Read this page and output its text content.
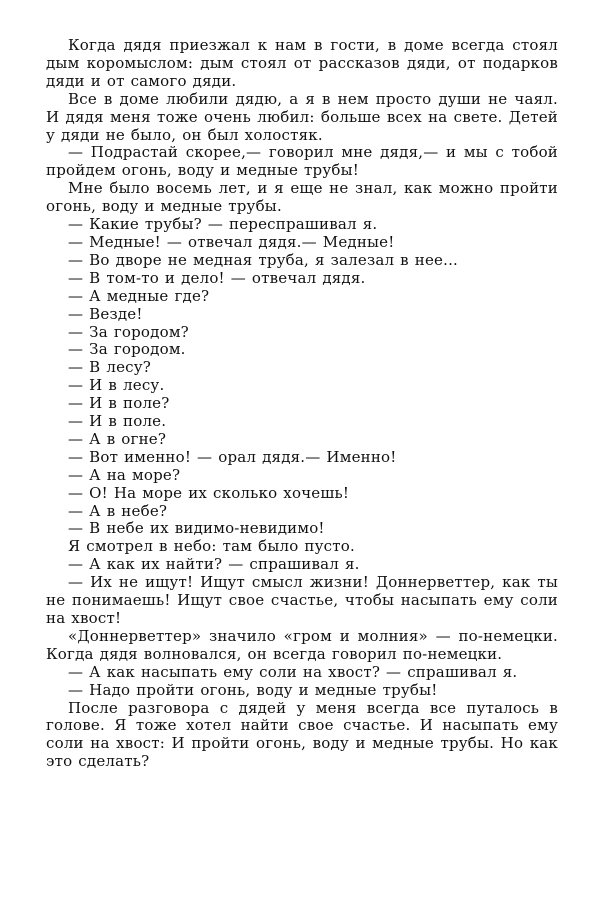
Когда дядя приезжал к нам в гости, в доме всегда стоял дым коромыслом: дым стоял от рассказов дяди, от подарков дяди и от самого дяди.

Все в доме любили дядю, а я в нем просто души не чаял. И дядя меня тоже очень любил: больше всех на свете. Детей у дяди не было, он был холостяк.

— Подрастай скорее,— говорил мне дядя,— и мы с тобой пройдем огонь, воду и медные трубы!

Мне было восемь лет, и я еще не знал, как можно пройти огонь, воду и медные трубы.

— Какие трубы? — переспрашивал я.

— Медные! — отвечал дядя.— Медные!

— Во дворе не медная труба, я залезал в нее...

— В том-то и дело! — отвечал дядя.

— А медные где?

— Везде!

— За городом?

— За городом.

— В лесу?

— И в лесу.

— И в поле?

— И в поле.

— А в огне?

— Вот именно! — орал дядя.— Именно!

— А на море?

— О! На море их сколько хочешь!

— А в небе?

— В небе их видимо-невидимо!

Я смотрел в небо: там было пусто.

— А как их найти? — спрашивал я.

— Их не ищут! Ищут смысл жизни! Доннерветтер, как ты не понимаешь! Ищут свое счастье, чтобы насыпать ему соли на хвост!

«Доннерветтер» значило «гром и молния» — по-немецки. Когда дядя волновался, он всегда говорил по-немецки.

— А как насыпать ему соли на хвост? — спрашивал я.

— Надо пройти огонь, воду и медные трубы!

После разговора с дядей у меня всегда все путалось в голове. Я тоже хотел найти свое счастье. И насыпать ему соли на хвост: И пройти огонь, воду и медные трубы. Но как это сделать?
